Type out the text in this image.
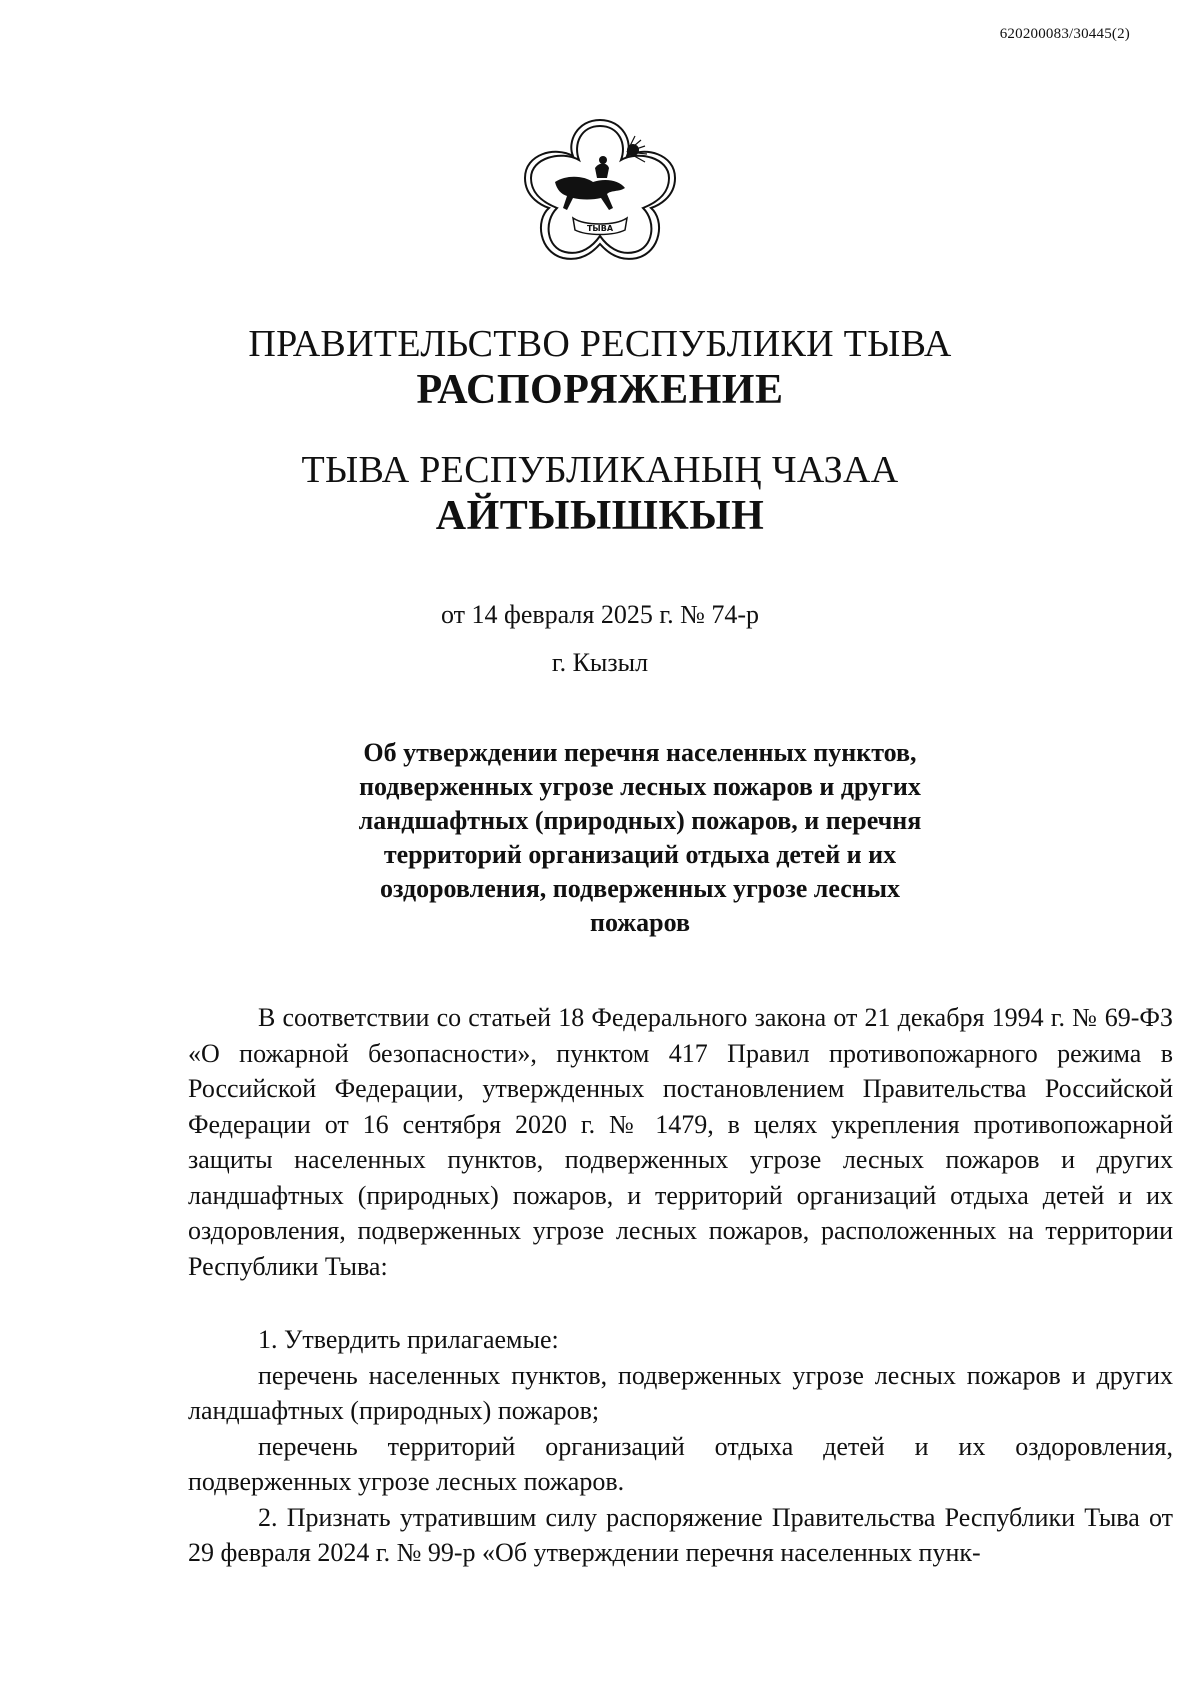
620200083/30445(2)
ТЫВА
ПРАВИТЕЛЬСТВО РЕСПУБЛИКИ ТЫВА
РАСПОРЯЖЕНИЕ
ТЫВА РЕСПУБЛИКАНЫҢ ЧАЗАА
АЙТЫЫШКЫН
от 14 февраля 2025 г. № 74-р
г. Кызыл
Об утверждении перечня населенных пунктов, подверженных угрозе лесных пожаров и других ландшафтных (природных) пожаров, и перечня территорий организаций отдыха детей и их оздоровления, подверженных угрозе лесных пожаров

В соответствии со статьей 18 Федерального закона от 21 декабря 1994 г. № 69-ФЗ «О пожарной безопасности», пунктом 417 Правил противопожарного режима в Российской Федерации, утвержденных постановлением Правительства Российской Федерации от 16 сентября 2020 г. № 1479, в целях укрепления противопожарной защиты населенных пунктов, подверженных угрозе лесных пожаров и других ландшафтных (природных) пожаров, и территорий организаций отдыха детей и их оздоровления, подверженных угрозе лесных пожаров, расположенных на территории Республики Тыва:

1. Утвердить прилагаемые:

перечень населенных пунктов, подверженных угрозе лесных пожаров и других ландшафтных (природных) пожаров;

перечень территорий организаций отдыха детей и их оздоровления, подверженных угрозе лесных пожаров.

2. Признать утратившим силу распоряжение Правительства Республики Тыва от 29 февраля 2024 г. № 99-р «Об утверждении перечня населенных пунк-
